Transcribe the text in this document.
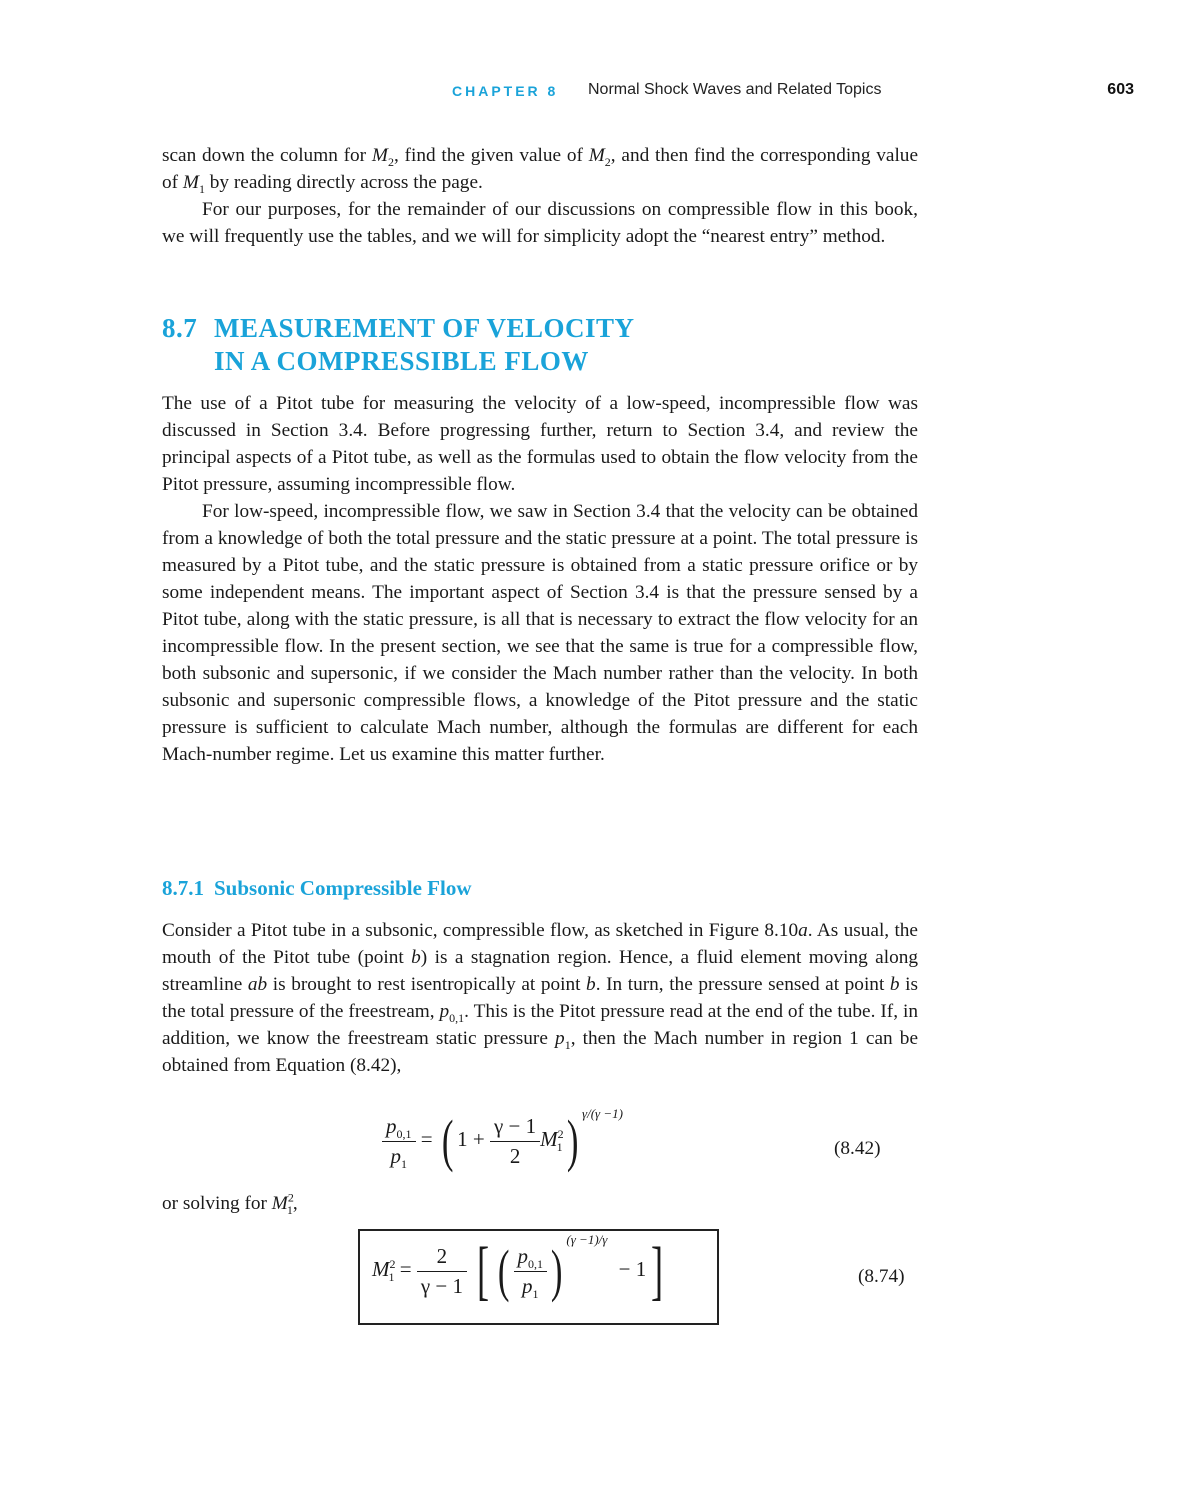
CHAPTER 8 Normal Shock Waves and Related Topics	603

scan down the column for $M_2$, find the given value of $M_2$, and then find the corresponding value of $M_1$ by reading directly across the page.

For our purposes, for the remainder of our discussions on compressible flow in this book, we will frequently use the tables, and we will for simplicity adopt the “nearest entry” method.

8.7 MEASUREMENT OF VELOCITY
IN A COMPRESSIBLE FLOW

The use of a Pitot tube for measuring the velocity of a low-speed, incompressible flow was discussed in Section 3.4. Before progressing further, return to Section 3.4, and review the principal aspects of a Pitot tube, as well as the formulas used to obtain the flow velocity from the Pitot pressure, assuming incompressible flow.

For low-speed, incompressible flow, we saw in Section 3.4 that the velocity can be obtained from a knowledge of both the total pressure and the static pressure at a point. The total pressure is measured by a Pitot tube, and the static pressure is obtained from a static pressure orifice or by some independent means. The important aspect of Section 3.4 is that the pressure sensed by a Pitot tube, along with the static pressure, is all that is necessary to extract the flow velocity for an incompressible flow. In the present section, we see that the same is true for a compressible flow, both subsonic and supersonic, if we consider the Mach number rather than the velocity. In both subsonic and supersonic compressible flows, a knowledge of the Pitot pressure and the static pressure is sufficient to calculate Mach number, although the formulas are different for each Mach-number regime. Let us examine this matter further.

8.7.1 Subsonic Compressible Flow

Consider a Pitot tube in a subsonic, compressible flow, as sketched in Figure 8.10a. As usual, the mouth of the Pitot tube (point b) is a stagnation region. Hence, a fluid element moving along streamline ab is brought to rest isentropically at point b. In turn, the pressure sensed at point b is the total pressure of the freestream, $p_{0,1}$. This is the Pitot pressure read at the end of the tube. If, in addition, we know the freestream static pressure $p_1$, then the Mach number in region 1 can be obtained from Equation (8.42),

$\frac{p_{0,1}}{p_1}$ = ( $1 + \frac{\gamma - 1}{2} M^2_1$) $^{\gamma/(\gamma -1)}$
(8.42)

or solving for $M^2_1$,

$M^2_1 = \frac{2}{\gamma - 1}$ [ ( $\frac{p_{0,1}}{p_1}$ ) $^{(\gamma -1)/\gamma}$ − 1]	(8.74)
